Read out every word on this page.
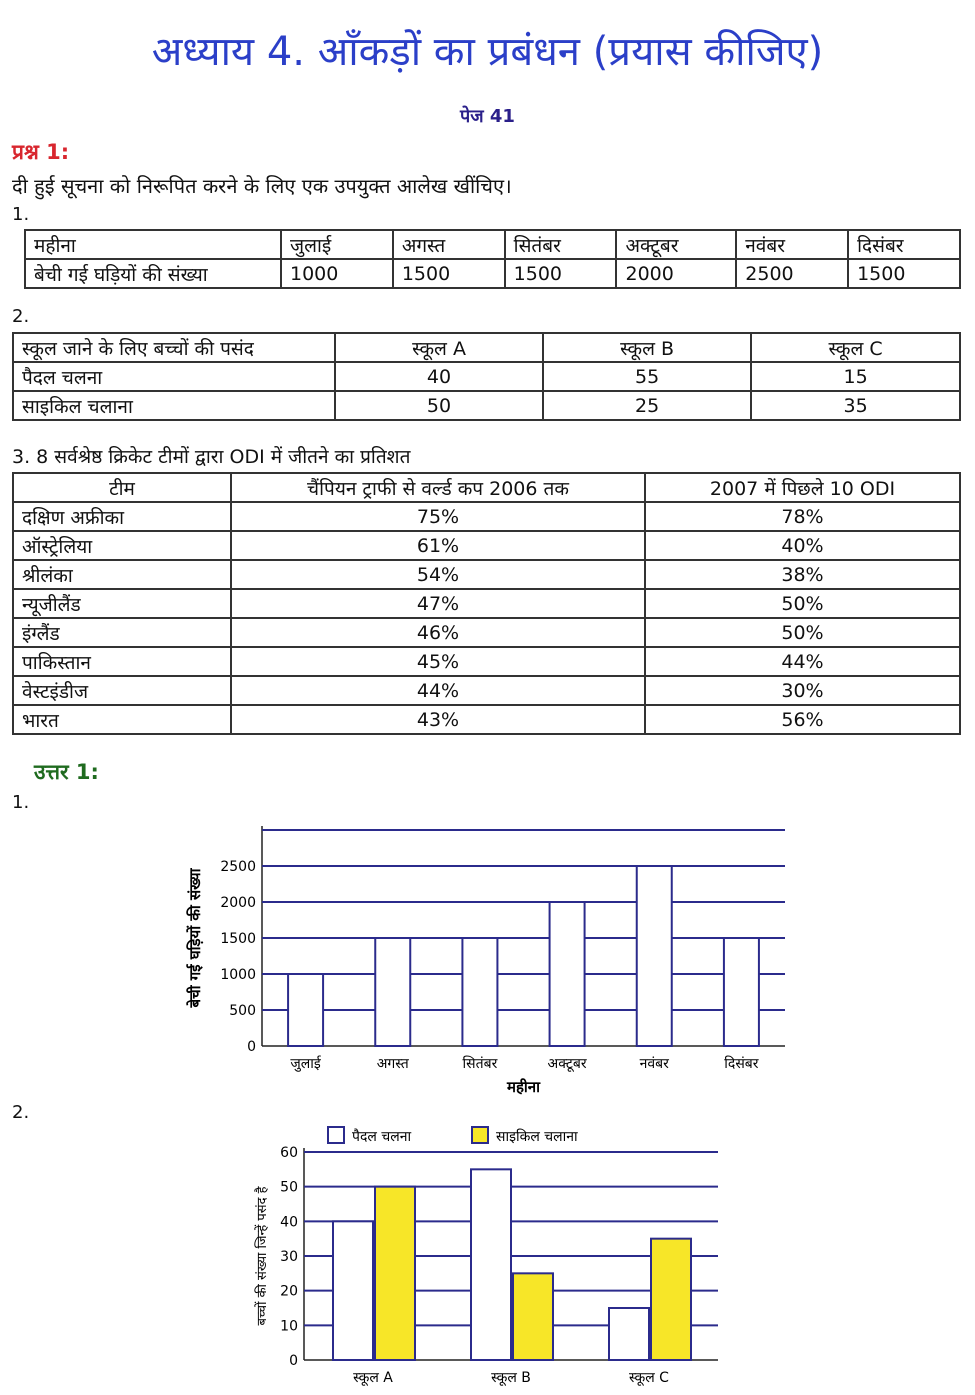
अध्याय 4. आँकड़ों का प्रबंधन (प्रयास कीजिए)
पेज 41
प्रश्न 1:
दी हुई सूचना को निरूपित करने के लिए एक उपयुक्त आलेख खींचिए।
1.
महीना	जुलाई	अगस्त	सितंबर	अक्टूबर	नवंबर	दिसंबर
बेची गई घड़ियों की संख्या	1000	1500	1500	2000	2500	1500
2.
स्कूल जाने के लिए बच्चों की पसंद	स्कूल A	स्कूल B	स्कूल C
पैदल चलना	40	55	15
साइकिल चलाना	50	25	35
3. 8 सर्वश्रेष्ठ क्रिकेट टीमों द्वारा ODI में जीतने का प्रतिशत
टीम	चैंपियन ट्राफी से वर्ल्ड कप 2006 तक	2007 में पिछले 10 ODI
दक्षिण अफ्रीका	75%	78%
ऑस्ट्रेलिया	61%	40%
श्रीलंका	54%	38%
न्यूजीलैंड	47%	50%
इंग्लैंड	46%	50%
पाकिस्तान	45%	44%
वेस्टइंडीज	44%	30%
भारत	43%	56%
उत्तर 1:
1.
2.
0
500
1000
1500
2000
2500
जुलाई	अगस्त	सितंबर	अक्टूबर	नवंबर	दिसंबर
महीना
बेची गई घड़ियों की संख्या
0
10
20
30
40
50
60
स्कूल A	स्कूल B	स्कूल C
पैदल चलना	साइकिल चलाना
बच्चों की संख्या जिन्हें पसंद है
